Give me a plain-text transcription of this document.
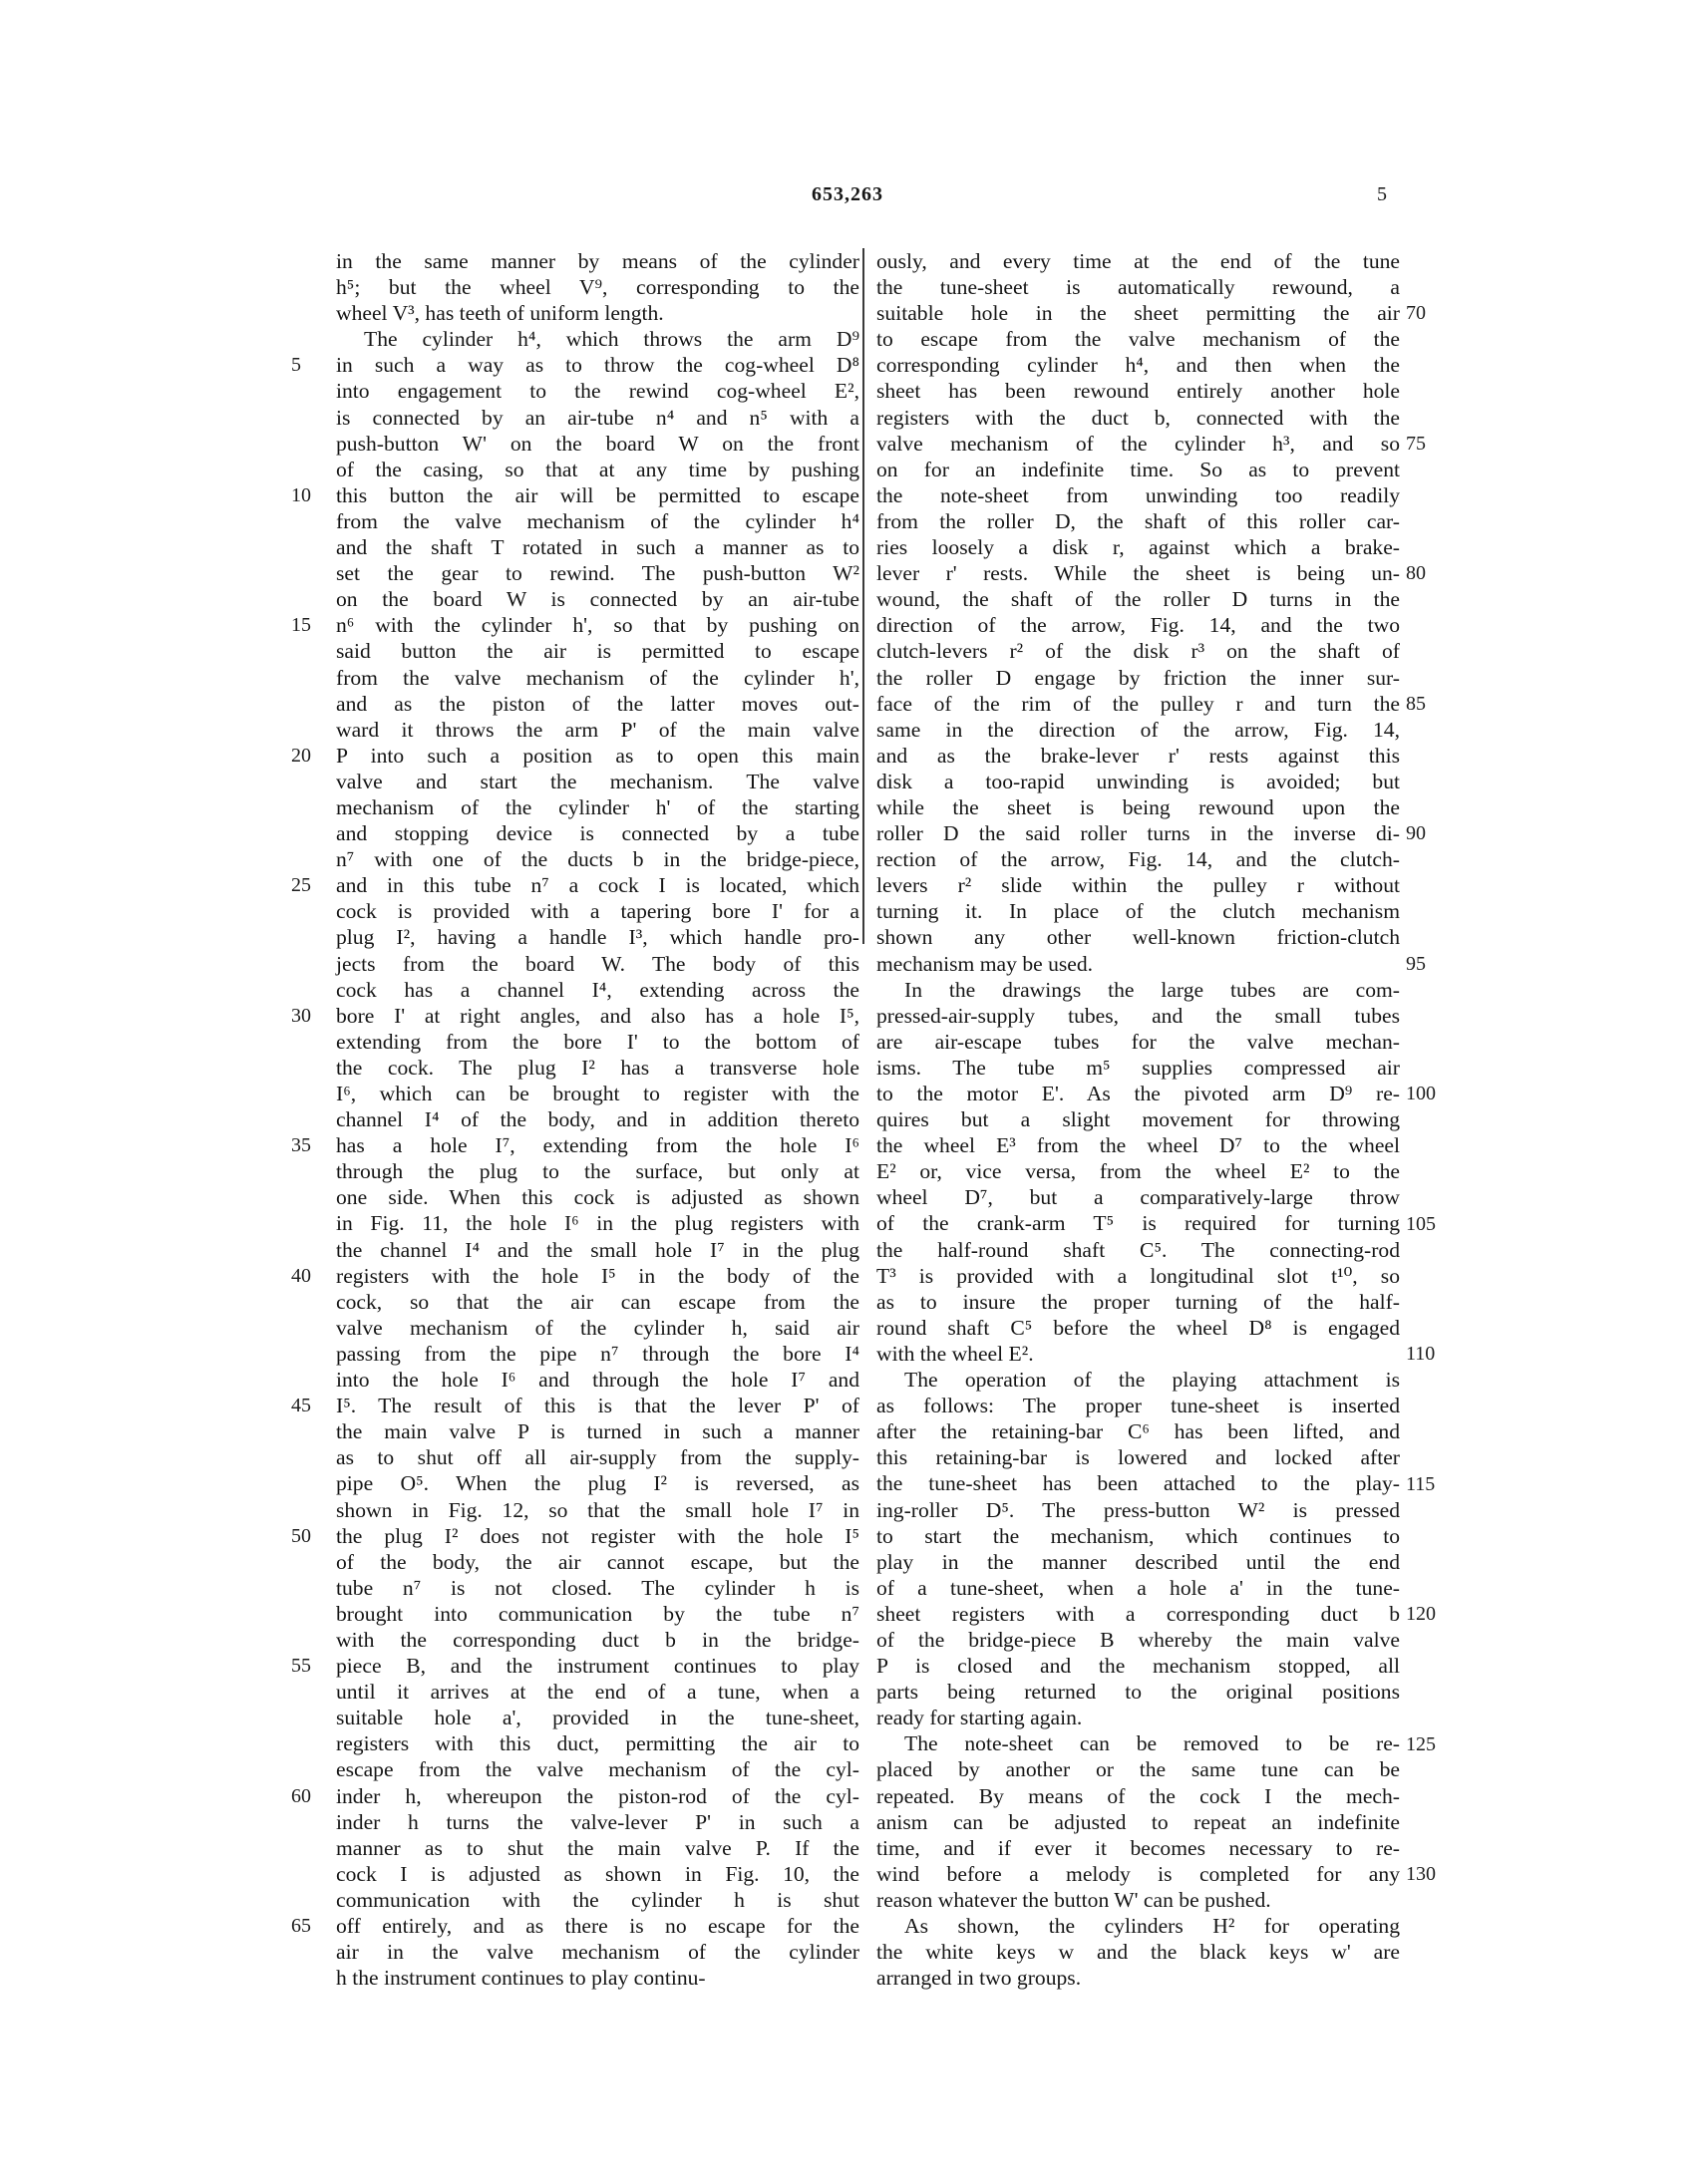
653,263	5
in the same manner by means of the cylinder
h⁵; but the wheel V⁹, corresponding to the
wheel V³, has teeth of uniform length.
The cylinder h⁴, which throws the arm D⁹
in such a way as to throw the cog-wheel D⁸
into engagement to the rewind cog-wheel E²,
is connected by an air-tube n⁴ and n⁵ with a
push-button W' on the board W on the front
of the casing, so that at any time by pushing
this button the air will be permitted to escape
from the valve mechanism of the cylinder h⁴
and the shaft T rotated in such a manner as to
set the gear to rewind. The push-button W²
on the board W is connected by an air-tube
n⁶ with the cylinder h', so that by pushing on
said button the air is permitted to escape
from the valve mechanism of the cylinder h',
and as the piston of the latter moves out-
ward it throws the arm P' of the main valve
P into such a position as to open this main
valve and start the mechanism. The valve
mechanism of the cylinder h' of the starting
and stopping device is connected by a tube
n⁷ with one of the ducts b in the bridge-piece,
and in this tube n⁷ a cock I is located, which
cock is provided with a tapering bore I' for a
plug I², having a handle I³, which handle pro-
jects from the board W. The body of this
cock has a channel I⁴, extending across the
bore I' at right angles, and also has a hole I⁵,
extending from the bore I' to the bottom of
the cock. The plug I² has a transverse hole
I⁶, which can be brought to register with the
channel I⁴ of the body, and in addition thereto
has a hole I⁷, extending from the hole I⁶
through the plug to the surface, but only at
one side. When this cock is adjusted as shown
in Fig. 11, the hole I⁶ in the plug registers with
the channel I⁴ and the small hole I⁷ in the plug
registers with the hole I⁵ in the body of the
cock, so that the air can escape from the
valve mechanism of the cylinder h, said air
passing from the pipe n⁷ through the bore I⁴
into the hole I⁶ and through the hole I⁷ and
I⁵. The result of this is that the lever P' of
the main valve P is turned in such a manner
as to shut off all air-supply from the supply-
pipe O⁵. When the plug I² is reversed, as
shown in Fig. 12, so that the small hole I⁷ in
the plug I² does not register with the hole I⁵
of the body, the air cannot escape, but the
tube n⁷ is not closed. The cylinder h is
brought into communication by the tube n⁷
with the corresponding duct b in the bridge-
piece B, and the instrument continues to play
until it arrives at the end of a tune, when a
suitable hole a', provided in the tune-sheet,
registers with this duct, permitting the air to
escape from the valve mechanism of the cyl-
inder h, whereupon the piston-rod of the cyl-
inder h turns the valve-lever P' in such a
manner as to shut the main valve P. If the
cock I is adjusted as shown in Fig. 10, the
communication with the cylinder h is shut
off entirely, and as there is no escape for the
air in the valve mechanism of the cylinder
h the instrument continues to play continu-
ously, and every time at the end of the tune
the tune-sheet is automatically rewound, a
suitable hole in the sheet permitting the air
to escape from the valve mechanism of the
corresponding cylinder h⁴, and then when the
sheet has been rewound entirely another hole
registers with the duct b, connected with the
valve mechanism of the cylinder h³, and so
on for an indefinite time. So as to prevent
the note-sheet from unwinding too readily
from the roller D, the shaft of this roller car-
ries loosely a disk r, against which a brake-
lever r' rests. While the sheet is being un-
wound, the shaft of the roller D turns in the
direction of the arrow, Fig. 14, and the two
clutch-levers r² of the disk r³ on the shaft of
the roller D engage by friction the inner sur-
face of the rim of the pulley r and turn the
same in the direction of the arrow, Fig. 14,
and as the brake-lever r' rests against this
disk a too-rapid unwinding is avoided; but
while the sheet is being rewound upon the
roller D the said roller turns in the inverse di-
rection of the arrow, Fig. 14, and the clutch-
levers r² slide within the pulley r without
turning it. In place of the clutch mechanism
shown any other well-known friction-clutch
mechanism may be used.
In the drawings the large tubes are com-
pressed-air-supply tubes, and the small tubes
are air-escape tubes for the valve mechan-
isms. The tube m⁵ supplies compressed air
to the motor E'. As the pivoted arm D⁹ re-
quires but a slight movement for throwing
the wheel E³ from the wheel D⁷ to the wheel
E² or, vice versa, from the wheel E² to the
wheel D⁷, but a comparatively-large throw
of the crank-arm T⁵ is required for turning
the half-round shaft C⁵. The connecting-rod
T³ is provided with a longitudinal slot t¹⁰, so
as to insure the proper turning of the half-
round shaft C⁵ before the wheel D⁸ is engaged
with the wheel E².
The operation of the playing attachment is
as follows: The proper tune-sheet is inserted
after the retaining-bar C⁶ has been lifted, and
this retaining-bar is lowered and locked after
the tune-sheet has been attached to the play-
ing-roller D⁵. The press-button W² is pressed
to start the mechanism, which continues to
play in the manner described until the end
of a tune-sheet, when a hole a' in the tune-
sheet registers with a corresponding duct b
of the bridge-piece B whereby the main valve
P is closed and the mechanism stopped, all
parts being returned to the original positions
ready for starting again.
The note-sheet can be removed to be re-
placed by another or the same tune can be
repeated. By means of the cock I the mech-
anism can be adjusted to repeat an indefinite
time, and if ever it becomes necessary to re-
wind before a melody is completed for any
reason whatever the button W' can be pushed.
As shown, the cylinders H² for operating
the white keys w and the black keys w' are
arranged in two groups.
5
10
15
20
25
30
35
40
45
50
55
60
65
70
75
80
85
90
95
100
105
110
115
120
125
130
